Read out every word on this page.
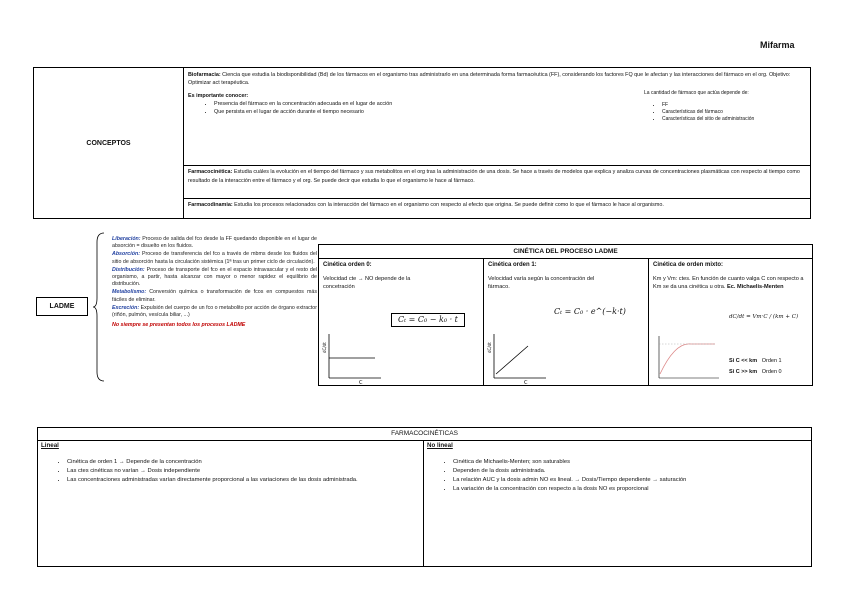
Mifarma
CONCEPTOS
Biofarmacia: Ciencia que estudia la biodisponibilidad (Bd) de los fármacos en el organismo tras administrarlo en una determinada forma farmacéutica (FF), considerando los factores FQ que le afectan y las interacciones del fármaco en el org. Objetivo: Optimizar act terapéutica.
Es importante conocer:
• Presencia del fármaco en la concentración adecuada en el lugar de acción
• Que persista en el lugar de acción durante el tiempo necesario
La cantidad de fármaco que actúa depende de:
• FF
• Características del fármaco
• Características del sitio de administración
Farmacocinética: Estudia cuáles la evolución en el tiempo del fármaco y sus metabolitos en el org tras la administración de una dosis. Se hace a través de modelos que explica y analiza curvas de concentraciones plasmáticas con respecto al tiempo como resultado de la interacción entre el fármaco y el org. Se puede decir que estudia lo que el organismo le hace al fármaco.
Farmacodinamia: Estudia los procesos relacionados con la interacción del fármaco en el organismo con respecto al efecto que origina. Se puede definir como lo que el fármaco le hace al organismo.
LADME

Liberación: Proceso de salida del fco desde la FF quedando disponible en el lugar de absorción = disuelto en los fluidos.

Absorción: Proceso de transferencia del fco a través de mbms desde los fluidos del sitio de absorción hasta la circulación sistémica (1ª tras un primer ciclo de circulación).

Distribución: Proceso de transporte del fco en el espacio intravascular y el resto del organismo, a partir, hasta alcanzar con mayor o menor rapidez el equilibrio de distribución.

Metabolismo: Conversión química o transformación de fcos en compuestos más fáciles de eliminar.

Excreción: Expulsión del cuerpo de un fco o metabolito por acción de órgano extractor (riñón, pulmón, vesícula biliar, ...)

No siempre se presentan todos los procesos LADME

CINÉTICA DEL PROCESO LADME
Cinética orden 0:
Velocidad cte → NO depende de la concetración
Cₜ = C₀ − k₀ · t
dC/dt
C
Cinética orden 1:
Velocidad varía según la concentración del fármaco.
Cₜ = C₀ · e^(−k·t)
dC/dt
C
Cinética de orden mixto:
Km y Vm: ctes. En función de cuanto valga C con respecto a Km se da una cinética u otra. Ec. Michaelis-Menten
dC/dt = Vm·C / (km + C)
Si C << km Orden 1
Si C >> km Orden 0
FARMACOCINÉTICAS
Lineal
• Cinética de orden 1 → Depende de la concentración
• Las ctes cinéticas no varían → Dosis independiente
• Las concentraciones administradas varían directamente proporcional a las variaciones de las dosis administrada.
No lineal
• Cinética de Michaelis-Menten; son saturables
• Dependen de la dosis administrada.
• La relación AUC y la dosis admin NO es lineal. → Dosis/Tiempo dependiente → saturación
• La variación de la concentración con respecto a la dosis NO es proporcional
